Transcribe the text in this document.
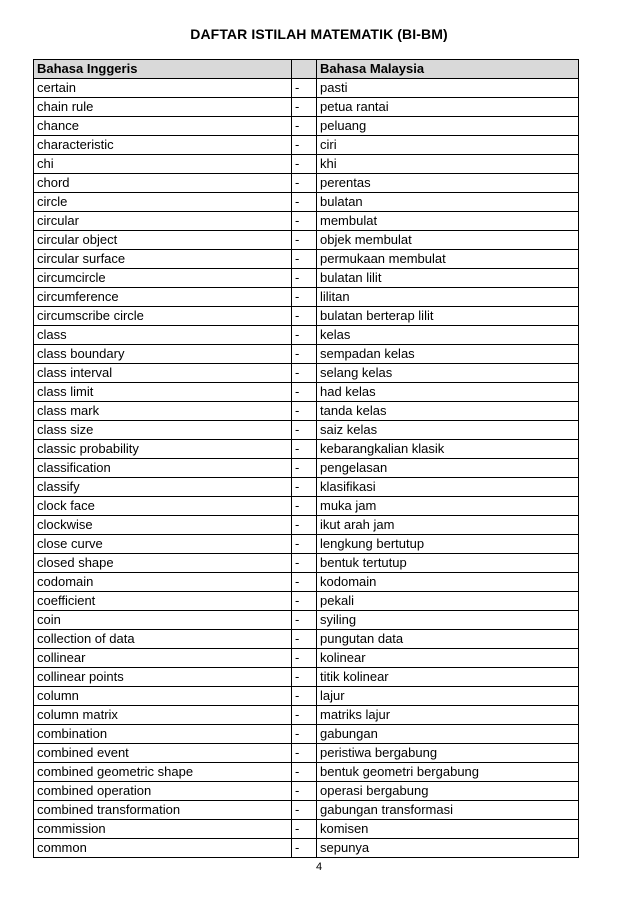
DAFTAR ISTILAH MATEMATIK (BI-BM)
Bahasa Inggeris		Bahasa Malaysia
certain	-	pasti
chain rule	-	petua rantai
chance	-	peluang
characteristic	-	ciri
chi	-	khi
chord	-	perentas
circle	-	bulatan
circular	-	membulat
circular object	-	objek membulat
circular surface	-	permukaan membulat
circumcircle	-	bulatan lilit
circumference	-	lilitan
circumscribe circle	-	bulatan berterap lilit
class	-	kelas
class boundary	-	sempadan kelas
class interval	-	selang kelas
class limit	-	had kelas
class mark	-	tanda kelas
class size	-	saiz kelas
classic probability	-	kebarangkalian klasik
classification	-	pengelasan
classify	-	klasifikasi
clock face	-	muka jam
clockwise	-	ikut arah jam
close curve	-	lengkung bertutup
closed shape	-	bentuk tertutup
codomain	-	kodomain
coefficient	-	pekali
coin	-	syiling
collection of data	-	pungutan data
collinear	-	kolinear
collinear points	-	titik kolinear
column	-	lajur
column matrix	-	matriks lajur
combination	-	gabungan
combined event	-	peristiwa bergabung
combined geometric shape	-	bentuk geometri bergabung
combined operation	-	operasi bergabung
combined transformation	-	gabungan transformasi
commission	-	komisen
common	-	sepunya
4
